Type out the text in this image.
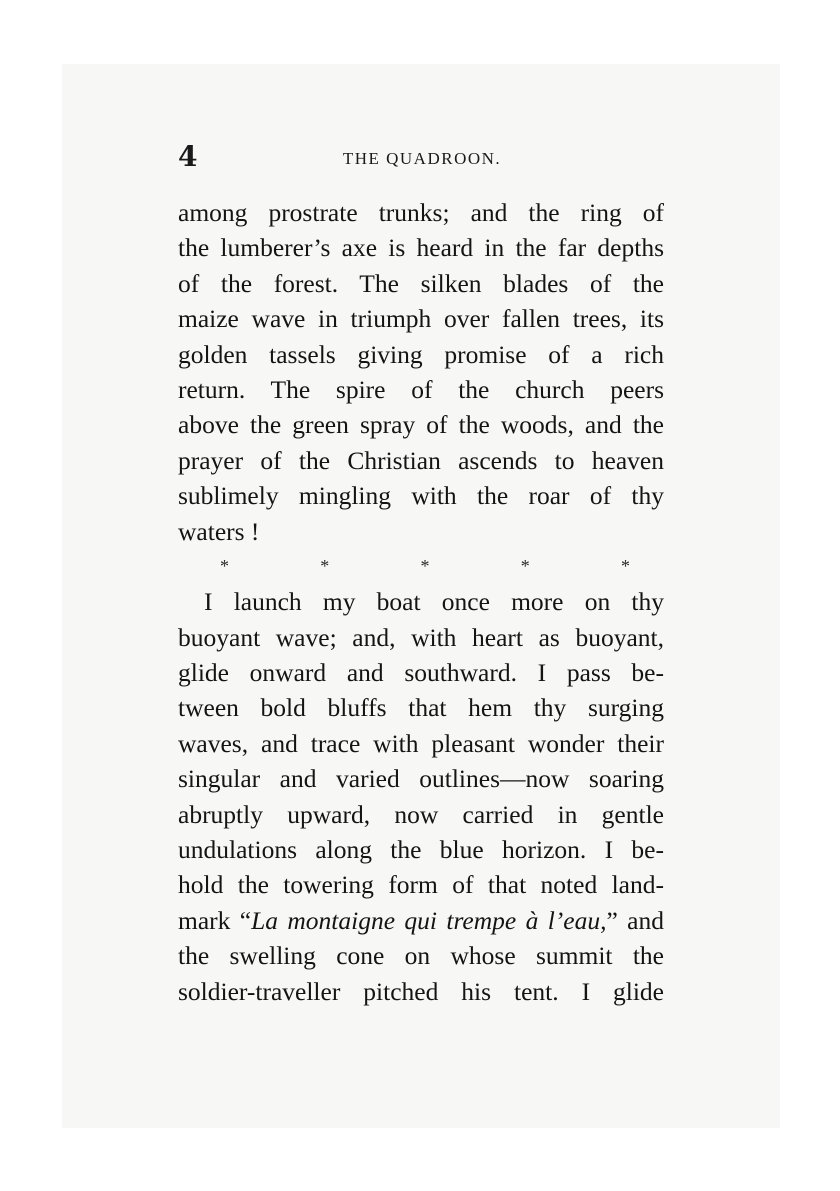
4	THE QUADROON.
among prostrate trunks; and the ring of
the lumberer’s axe is heard in the far depths
of the forest. The silken blades of the
maize wave in triumph over fallen trees, its
golden tassels giving promise of a rich
return. The spire of the church peers
above the green spray of the woods, and the
prayer of the Christian ascends to heaven
sublimely mingling with the roar of thy
waters !
*	*	*	*	*
I launch my boat once more on thy
buoyant wave; and, with heart as buoyant,
glide onward and southward. I pass be-
tween bold bluffs that hem thy surging
waves, and trace with pleasant wonder their
singular and varied outlines—now soaring
abruptly upward, now carried in gentle
undulations along the blue horizon. I be-
hold the towering form of that noted land-
mark “La montaigne qui trempe à l’eau,” and
the swelling cone on whose summit the
soldier-traveller pitched his tent. I glide
